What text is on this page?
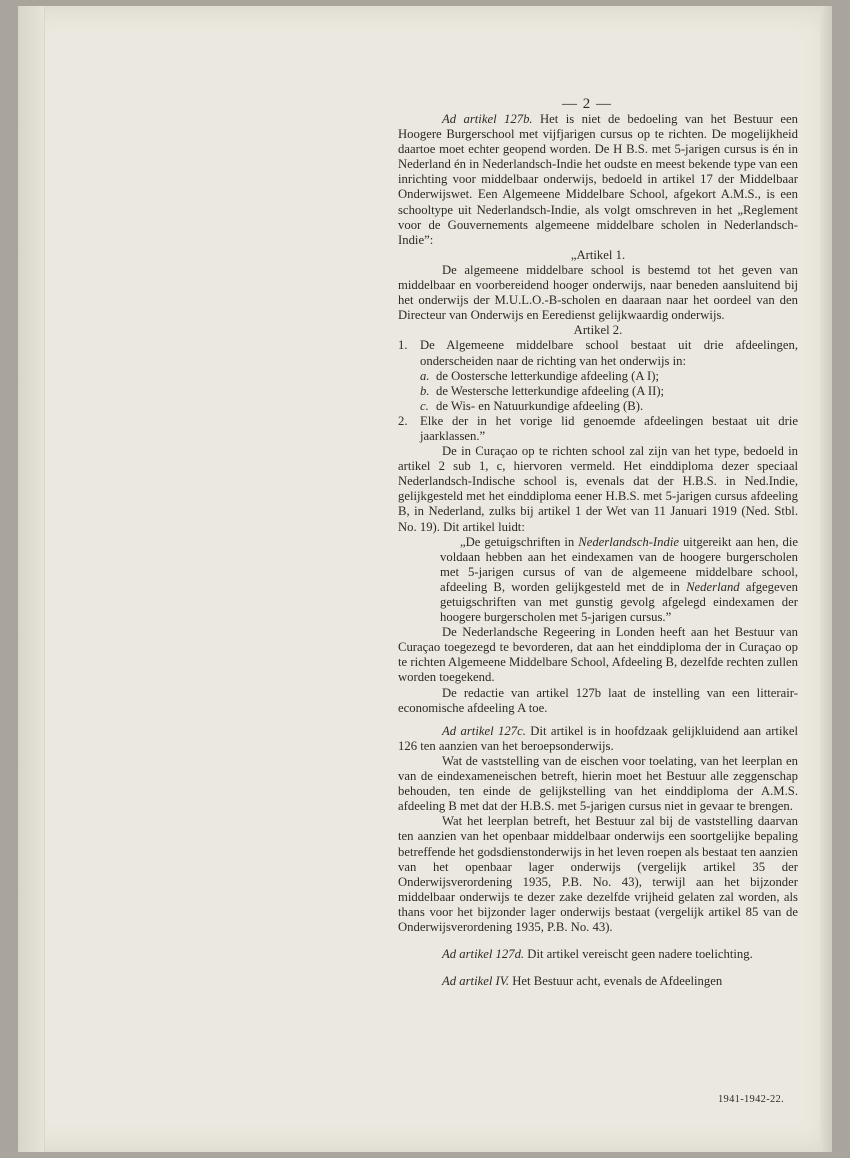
— 2 —

Ad artikel 127b. Het is niet de bedoeling van het Bestuur een Hoogere Burgerschool met vijfjarigen cursus op te richten. De mogelijkheid daartoe moet echter geopend worden. De H B.S. met 5-jarigen cursus is én in Nederland én in Nederlandsch-Indie het oudste en meest bekende type van een inrichting voor middelbaar onderwijs, bedoeld in artikel 17 der Middelbaar Onderwijswet. Een Algemeene Middelbare School, afgekort A.M.S., is een schooltype uit Nederlandsch-Indie, als volgt omschreven in het „Reglement voor de Gouvernements algemeene middelbare scholen in Nederlandsch-Indie”:

„Artikel 1.

De algemeene middelbare school is bestemd tot het geven van middelbaar en voorbereidend hooger onderwijs, naar beneden aansluitend bij het onderwijs der M.U.L.O.-B-scholen en daaraan naar het oordeel van den Directeur van Onderwijs en Eeredienst gelijkwaardig onderwijs.

Artikel 2.

1. De Algemeene middelbare school bestaat uit drie afdeelingen, onderscheiden naar de richting van het onderwijs in:
a. de Oostersche letterkundige afdeeling (A I);
b. de Westersche letterkundige afdeeling (A II);
c. de Wis- en Natuurkundige afdeeling (B).
2. Elke der in het vorige lid genoemde afdeelingen bestaat uit drie jaarklassen.”

De in Curaçao op te richten school zal zijn van het type, bedoeld in artikel 2 sub 1, c, hiervoren vermeld. Het einddiploma dezer speciaal Nederlandsch-Indische school is, evenals dat der H.B.S. in Ned.Indie, gelijkgesteld met het einddiploma eener H.B.S. met 5-jarigen cursus afdeeling B, in Nederland, zulks bij artikel 1 der Wet van 11 Januari 1919 (Ned. Stbl. No. 19). Dit artikel luidt:

„De getuigschriften in Nederlandsch-Indie uitgereikt aan hen, die voldaan hebben aan het eindexamen van de hoogere burgerscholen met 5-jarigen cursus of van de algemeene middelbare school, afdeeling B, worden gelijkgesteld met de in Nederland afgegeven getuigschriften van met gunstig gevolg afgelegd eindexamen der hoogere burgerscholen met 5-jarigen cursus.”

De Nederlandsche Regeering in Londen heeft aan het Bestuur van Curaçao toegezegd te bevorderen, dat aan het einddiploma der in Curaçao op te richten Algemeene Middelbare School, Afdeeling B, dezelfde rechten zullen worden toegekend.

De redactie van artikel 127b laat de instelling van een litterair-economische afdeeling A toe.

Ad artikel 127c. Dit artikel is in hoofdzaak gelijkluidend aan artikel 126 ten aanzien van het beroepsonderwijs.

Wat de vaststelling van de eischen voor toelating, van het leerplan en van de eindexameneischen betreft, hierin moet het Bestuur alle zeggenschap behouden, ten einde de gelijkstelling van het einddiploma der A.M.S. afdeeling B met dat der H.B.S. met 5-jarigen cursus niet in gevaar te brengen.

Wat het leerplan betreft, het Bestuur zal bij de vaststelling daarvan ten aanzien van het openbaar middelbaar onderwijs een soortgelijke bepaling betreffende het godsdienstonderwijs in het leven roepen als bestaat ten aanzien van het openbaar lager onderwijs (vergelijk artikel 35 der Onderwijsverordening 1935, P.B. No. 43), terwijl aan het bijzonder middelbaar onderwijs te dezer zake dezelfde vrijheid gelaten zal worden, als thans voor het bijzonder lager onderwijs bestaat (vergelijk artikel 85 van de Onderwijsverordening 1935, P.B. No. 43).

Ad artikel 127d. Dit artikel vereischt geen nadere toelichting.

Ad artikel IV. Het Bestuur acht, evenals de Afdeelingen

1941-1942-22.
